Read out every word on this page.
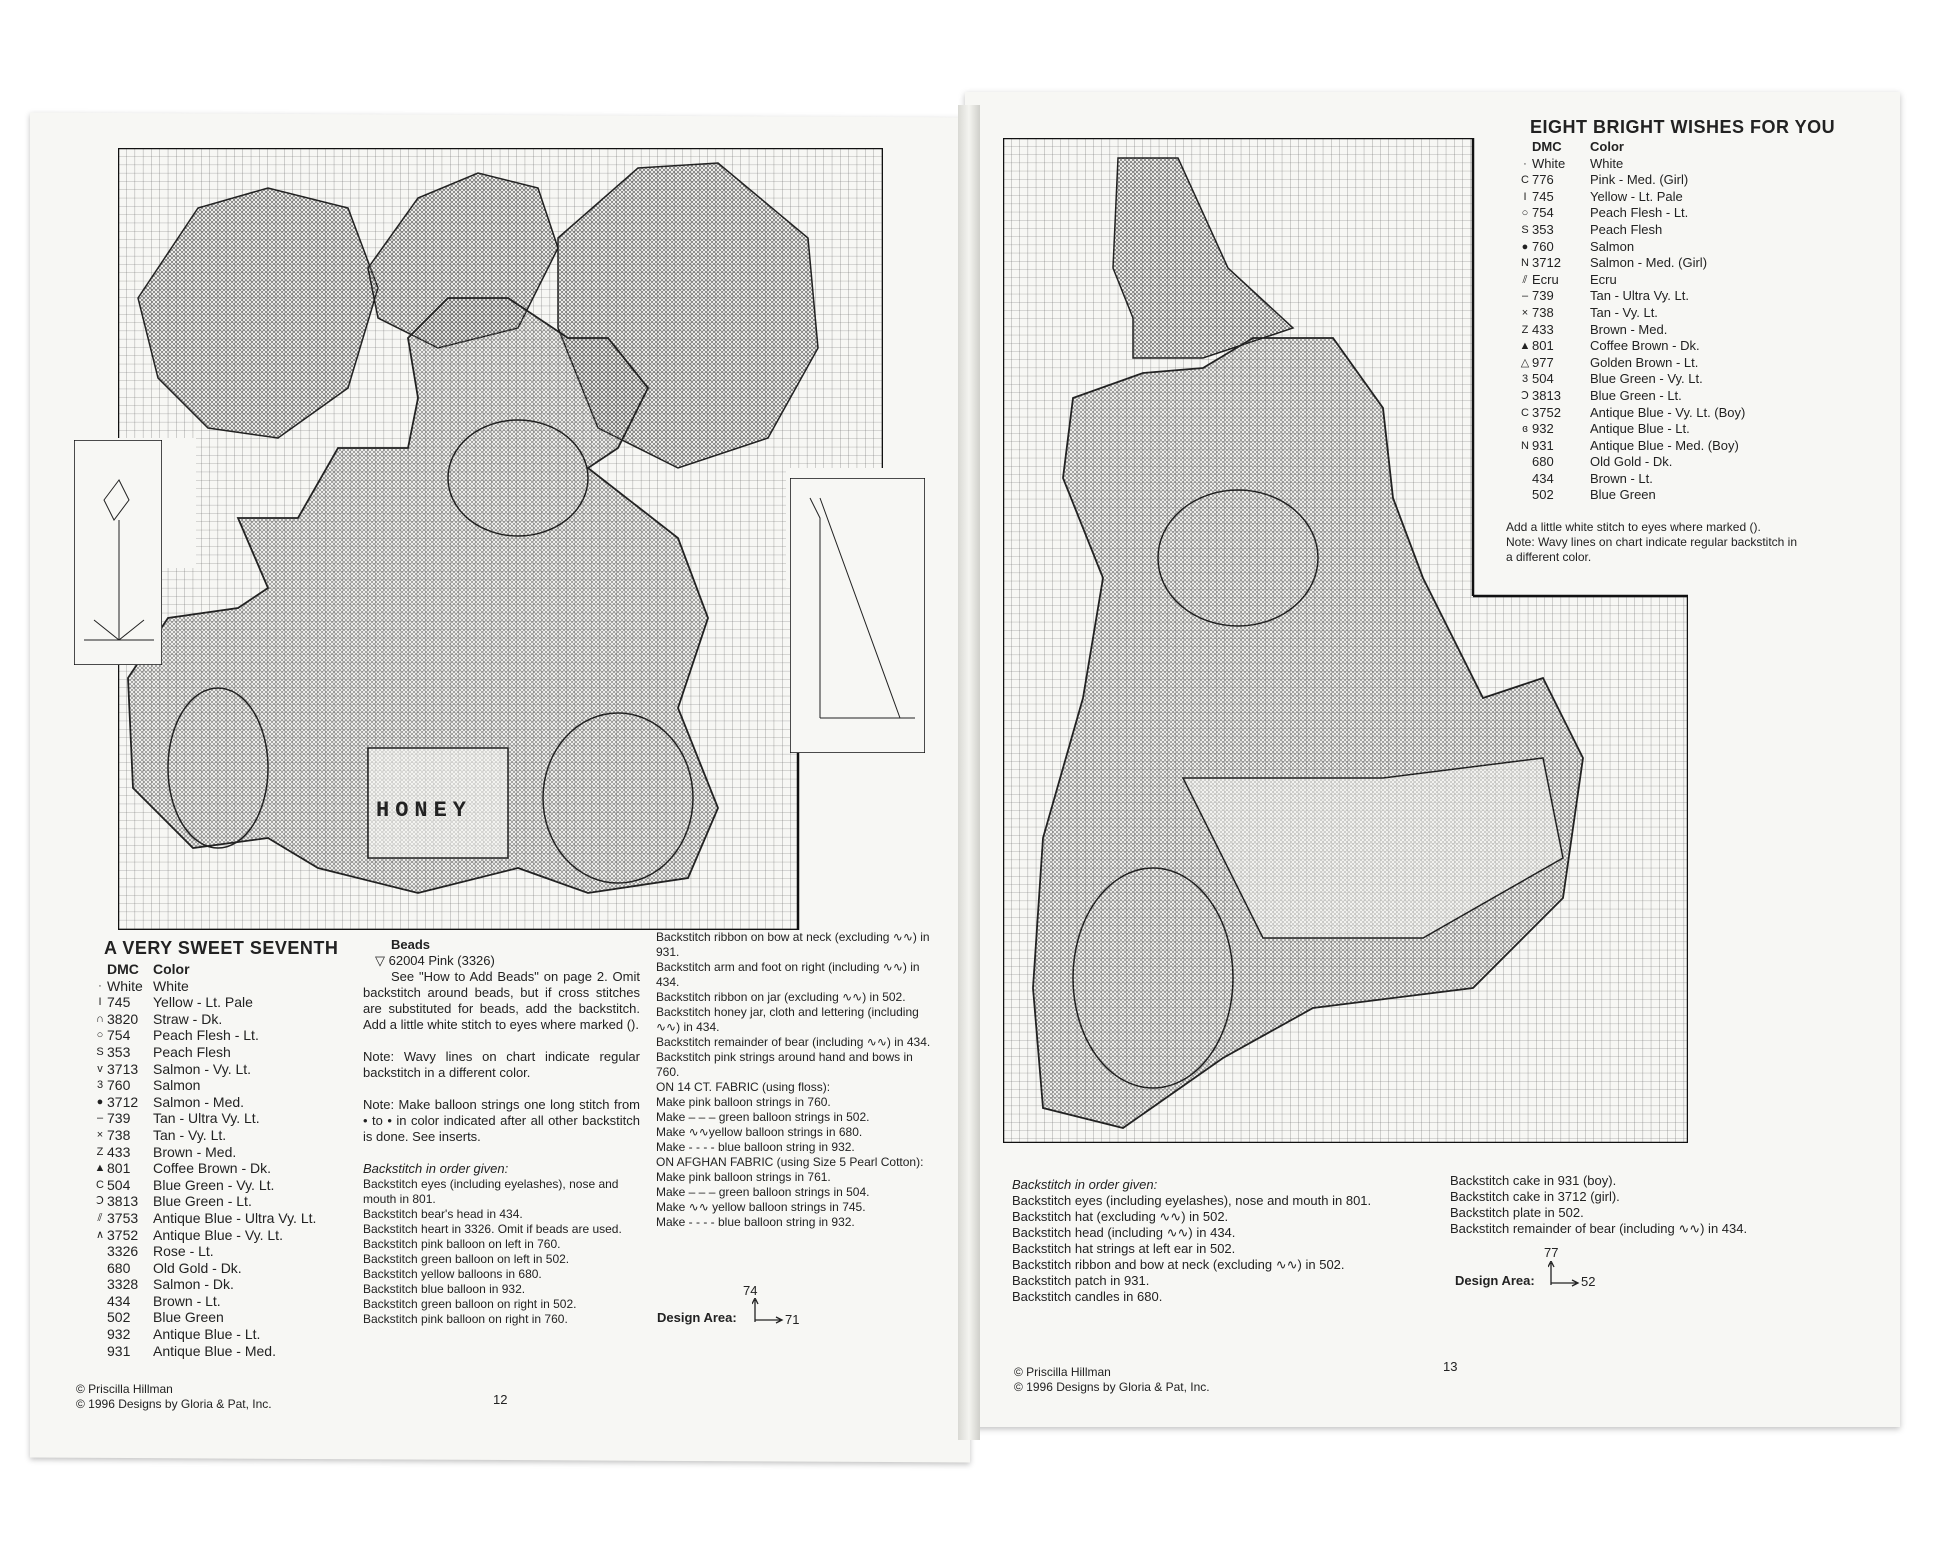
HONEY
A VERY SWEET SEVENTH
DMC	Color
· White White
I 745	Yellow - Lt. Pale
∩ 3820	Straw - Dk.
○ 754	Peach Flesh - Lt.
S 353	Peach Flesh
v 3713	Salmon - Vy. Lt.
3 760	Salmon
● 3712	Salmon - Med.
– 739	Tan - Ultra Vy. Lt.
× 738	Tan - Vy. Lt.
Z 433	Brown - Med.
▲ 801	Coffee Brown - Dk.
C 504	Blue Green - Vy. Lt.
Ↄ 3813	Blue Green - Lt.
⫽ 3753	Antique Blue - Ultra Vy. Lt.
∧ 3752	Antique Blue - Vy. Lt.
3326	Rose - Lt.
680	Old Gold - Dk.
3328	Salmon - Dk.
434	Brown - Lt.
502	Blue Green
932	Antique Blue - Lt.
931	Antique Blue - Med.
Beads
▽ 62004 Pink (3326)

See "How to Add Beads" on page 2. Omit backstitch around beads, but if cross stitches are substituted for beads, add the backstitch. Add a little white stitch to eyes where marked ().

Note: Wavy lines on chart indicate regular backstitch in a different color.

Note: Make balloon strings one long stitch from • to • in color indicated after all other backstitch is done. See inserts.

Backstitch in order given:

Backstitch eyes (including eyelashes), nose and mouth in 801.
Backstitch bear's head in 434.
Backstitch heart in 3326. Omit if beads are used.
Backstitch pink balloon on left in 760.
Backstitch green balloon on left in 502.
Backstitch yellow balloons in 680.
Backstitch blue balloon in 932.
Backstitch green balloon on right in 502.
Backstitch pink balloon on right in 760.
Backstitch ribbon on bow at neck (excluding ∿∿) in 931.
Backstitch arm and foot on right (including ∿∿) in 434.
Backstitch ribbon on jar (excluding ∿∿) in 502.
Backstitch honey jar, cloth and lettering (including ∿∿) in 434.
Backstitch remainder of bear (including ∿∿) in 434.
Backstitch pink strings around hand and bows in 760.
ON 14 CT. FABRIC (using floss):
Make pink balloon strings in 760.
Make – – – green balloon strings in 502.
Make ∿∿yellow balloon strings in 680.
Make - - - - blue balloon string in 932.
ON AFGHAN FABRIC (using Size 5 Pearl Cotton):
Make pink balloon strings in 761.
Make – – – green balloon strings in 504.
Make ∿∿ yellow balloon strings in 745.
Make - - - - blue balloon string in 932.
Design Area:
74
71
© Priscilla Hillman
© 1996 Designs by Gloria & Pat, Inc.	12
EIGHT BRIGHT WISHES FOR YOU
DMC	Color
· White	White
C 776	Pink - Med. (Girl)
I 745	Yellow - Lt. Pale
○ 754	Peach Flesh - Lt.
S 353	Peach Flesh
● 760	Salmon
N 3712	Salmon - Med. (Girl)
⫽ Ecru	Ecru
– 739	Tan - Ultra Vy. Lt.
× 738	Tan - Vy. Lt.
Z 433	Brown - Med.
▲ 801	Coffee Brown - Dk.
△ 977	Golden Brown - Lt.
3 504	Blue Green - Vy. Lt.
Ↄ 3813	Blue Green - Lt.
C 3752	Antique Blue - Vy. Lt. (Boy)
ɞ 932	Antique Blue - Lt.
N 931	Antique Blue - Med. (Boy)
680	Old Gold - Dk.
434	Brown - Lt.
502	Blue Green
Add a little white stitch to eyes where marked ().
Note: Wavy lines on chart indicate regular backstitch in a different color.

Backstitch in order given:

Backstitch eyes (including eyelashes), nose and mouth in 801.
Backstitch hat (excluding ∿∿) in 502.
Backstitch head (including ∿∿) in 434.
Backstitch hat strings at left ear in 502.
Backstitch ribbon and bow at neck (excluding ∿∿) in 502.
Backstitch patch in 931.
Backstitch candles in 680.
Backstitch cake in 931 (boy).
Backstitch cake in 3712 (girl).
Backstitch plate in 502.
Backstitch remainder of bear (including ∿∿) in 434.
Design Area:
77
52
© Priscilla Hillman
© 1996 Designs by Gloria & Pat, Inc.
13
